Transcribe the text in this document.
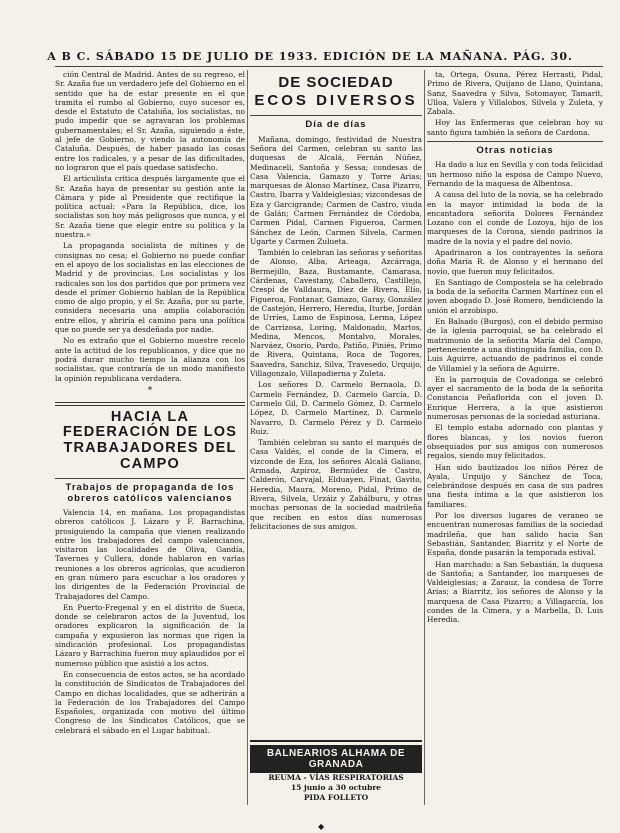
A B C. SÁBADO 15 DE JULIO DE 1933. EDICIÓN DE LA MAÑANA. PÁG. 30.

ción Central de Madrid. Antes de su regreso, el Sr. Azaña fue un verdadero jefe del Gobierno en el sentido que ha de estar presente en el que tramita el rumbo al Gobierno, cuyo sucesor es, desde el Estatuto de Cataluña, los socialistas, no pudo impedir que se agravaran los problemas gubernamentales; el Sr. Azaña, siguiendo a éste, al jefe de Gobierno, y viendo la autonomía de Cataluña. Después, de haber pasado las cosas entre los radicales, y a pesar de las dificultades, no lograron que el país quedase satisfecho.

El articulista critica después largamente que el Sr. Azaña haya de presentar su gestión ante la Cámara y pide al Presidente que rectifique la política actual: «Para la República, dice, los socialistas son hoy más peligrosos que nunca, y el Sr. Azaña tiene que elegir entre su política y la nuestra.»

La propaganda socialista de mítines y de consignas no cesa; el Gobierno no puede confiar en el apoyo de los socialistas en las elecciones de Madrid y de provincias. Los socialistas y los radicales son los dos partidos que por primera vez desde el primer Gobierno hablan de la República como de algo propio, y el Sr. Azaña, por su parte, considera necesaria una amplia colaboración entre ellos, y abriría el camino para una política que no puede ser ya desdeñada por nadie.

No es extraño que el Gobierno muestre recelo ante la actitud de los republicanos, y dice que no podrá durar mucho tiempo la alianza con los socialistas, que contraría de un modo manifiesto la opinión republicana verdadera.

*
HACIA LA FEDERACIÓN DE LOS TRABAJADORES DEL CAMPO
Trabajos de propaganda de los obreros católicos valencianos

Valencia 14, en mañana. Los propagandistas obreros católicos J. Lázaro y F. Barrachina, prosiguiendo la campaña que vienen realizando entre los trabajadores del campo valencianos, visitaron las localidades de Oliva, Gandía, Tavernes y Cullera, donde hablaron en varias reuniones a los obreros agrícolas, que acudieron en gran número para escuchar a los oradores y los dirigentes de la Federación Provincial de Trabajadores del Campo.

En Puerto-Fregenal y en el distrito de Sueca, donde se celebraron actos de la Juventud, los oradores explicaron la significación de la campaña y expusieron las normas que rigen la sindicación profesional. Los propagandistas Lázaro y Barrachina fueron muy aplaudidos por el numeroso público que asistió a los actos.

En consecuencia de estos actos, se ha acordado la constitución de Sindicatos de Trabajadores del Campo en dichas localidades, que se adherirán a la Federación de los Trabajadores del Campo Españoles, organizada con motivo del último Congreso de los Sindicatos Católicos, que se celebrará el sábado en el Lugar habitual.

DE SOCIEDAD
ECOS DIVERSOS
Día de días

Mañana, domingo, festividad de Nuestra Señora del Carmen, celebran su santo las duquesas de Alcalá, Fernán Núñez, Medinaceli, Santoña y Sessa; condesas de Casa Valencia, Gamazo y Torre Arias; marquesas de Alonso Martínez, Casa Pizarro, Castro, Ibarra y Valdeiglesias; vizcondesas de Eza y Garcigrande; Carmen de Castro, viuda de Galán; Carmen Fernández de Córdoba, Carmen Pidal, Carmen Figueroa, Carmen Sánchez de León, Carmen Silvela, Carmen Ugarte y Carmen Zulueta.

También lo celebran las señoras y señoritas de Alonso, Alba, Arteaga, Azcárraga, Bermejillo, Baza, Bustamante, Camarasa, Cárdenas, Cavestany, Caballero, Castillejo, Crespí de Valldaura, Díez de Rivera, Elío, Figueroa, Fontanar, Gamazo, Garay, González de Castejón, Herrero, Heredia, Iturbe, Jordán de Urríes, Lamo de Espinosa, Lerma, López de Carrizosa, Loring, Maldonado, Martos, Medina, Mencos, Montalvo, Morales, Narváez, Osorio, Pardo, Patiño, Piniés, Primo de Rivera, Quintana, Roca de Togores, Saavedra, Sanchiz, Silva, Travesedo, Urquijo, Villagonzalo, Villapadierna y Zuleta.

Los señores D. Carmelo Bernaola, D. Carmelo Fernández, D. Carmelo García, D. Carmelo Gil, D. Carmelo Gómez, D. Carmelo López, D. Carmelo Martínez, D. Carmelo Navarro, D. Carmelo Pérez y D. Carmelo Ruiz.

También celebran su santo el marqués de Casa Valdés, el conde de la Cimera, el vizconde de Eza, los señores Alcalá Galiano, Armada, Azpiroz, Bermúdez de Castro, Calderón, Carvajal, Elduayen, Finat, Gavito, Heredia, Maura, Moreno, Pidal, Primo de Rivera, Silvela, Urzáiz y Zabálburu, y otras muchas personas de la sociedad madrileña que reciben en estos días numerosas felicitaciones de sus amigos.

BALNEARIOS ALHAMA DE GRANADA
REUMA - VÍAS RESPIRATORIAS
15 junio a 30 octubre
PIDA FOLLETO

ta, Ortega, Osuna, Pérez Herrasti, Pidal, Primo de Rivera, Quijano de Llano, Quintana, Sanz, Saavedra y Silva, Sotomayor, Tamarit, Ulloa, Valera y Villalobos, Silvela y Zuleta, y Zabala.

Hoy las Enfermeras que celebran hoy su santo figura también la señora de Cardona.

Otras noticias

Ha dado a luz en Sevilla y con toda felicidad un hermoso niño la esposa de Campo Nuevo, Fernando de la maquesa de Albentosa.

A causa del luto de la novia, se ha celebrado en la mayor intimidad la boda de la encantadora señorita Dolores Fernández Lozano con el conde de Lozoya, hijo de los marqueses de la Corona, siendo padrinos la madre de la novia y el padre del novio.

Apadrinaron a los contrayentes la señora doña María R. de Alonso y el hermano del novio, que fueron muy felicitados.

En Santiago de Compostela se ha celebrado la boda de la señorita Carmen Martínez con el joven abogado D. José Romero, bendiciendo la unión el arzobispo.

En Balsado (Burgos), con el debido permiso de la iglesia parroquial, se ha celebrado el matrimonio de la señorita María del Campo, perteneciente a una distinguida familia, con D. Luis Aguirre, actuando de padrinos el conde de Villamiel y la señora de Aguirre.

En la parroquia de Covadonga se celebró ayer el sacramento de la boda de la señorita Constancia Peñaflorida con el joven D. Enrique Herrera, a la que asistieron numerosas personas de la sociedad asturiana.

El templo estaba adornado con plantas y flores blancas, y los novios fueron obsequiados por sus amigos con numerosos regalos, siendo muy felicitados.

Han sido bautizados los niños Pérez de Ayala, Urquijo y Sánchez de Toca, celebrándose después en casa de sus padres una fiesta íntima a la que asistieron los familiares.

Por los diversos lugares de veraneo se encuentran numerosas familias de la sociedad madrileña, que han salido hacia San Sebastián, Santander, Biarritz y el Norte de España, donde pasarán la temporada estival.

Han marchado: a San Sebastián, la duquesa de Santoña; a Santander, los marqueses de Valdeiglesias; a Zarauz, la condesa de Torre Arias; a Biarritz, los señores de Alonso y la marquesa de Casa Pizarro; a Villagarcía, los condes de la Cimera, y a Marbella, D. Luis Heredia.

◆
